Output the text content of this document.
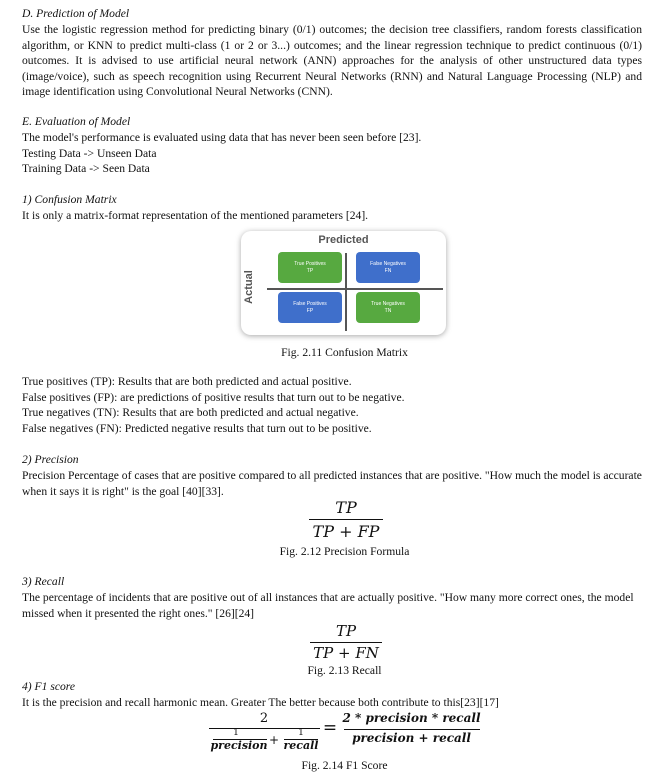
D. Prediction of Model

Use the logistic regression method for predicting binary (0/1) outcomes; the decision tree classifiers, random forests classification algorithm, or KNN to predict multi-class (1 or 2 or 3...) outcomes; and the linear regression technique to predict continuous (0/1) outcomes. It is advised to use artificial neural network (ANN) approaches for the analysis of other unstructured data types (image/voice), such as speech recognition using Recurrent Neural Networks (RNN) and Natural Language Processing (NLP) and image identification using Convolutional Neural Networks (CNN).

E. Evaluation of Model

The model's performance is evaluated using data that has never been seen before [23].

Testing Data -> Unseen Data

Training Data -> Seen Data

1) Confusion Matrix

It is only a matrix-format representation of the mentioned parameters [24].

Predicted
Actual
True Positives
TP
False Negatives
FN
False Positives
FP
True Negatives
TN

Fig. 2.11 Confusion Matrix

True positives (TP): Results that are both predicted and actual positive.

False positives (FP): are predictions of positive results that turn out to be negative.

True negatives (TN): Results that are both predicted and actual negative.

False negatives (FN): Predicted negative results that turn out to be positive.

2) Precision

Precision Percentage of cases that are positive compared to all predicted instances that are positive. "How much the model is accurate when it says it is right" is the goal [40][33].

TP
TP + FP

Fig. 2.12 Precision Formula

3) Recall

The percentage of incidents that are positive out of all instances that are actually positive. "How many more correct ones, the model missed when it presented the right ones." [26][24]

TP
TP + FN

Fig. 2.13 Recall

4) F1 score

It is the precision and recall harmonic mean. Greater The better because both contribute to this[23][17]

2
1
precision +	1
recall
= 2 * precision * recall
precision + recall

Fig. 2.14 F1 Score
